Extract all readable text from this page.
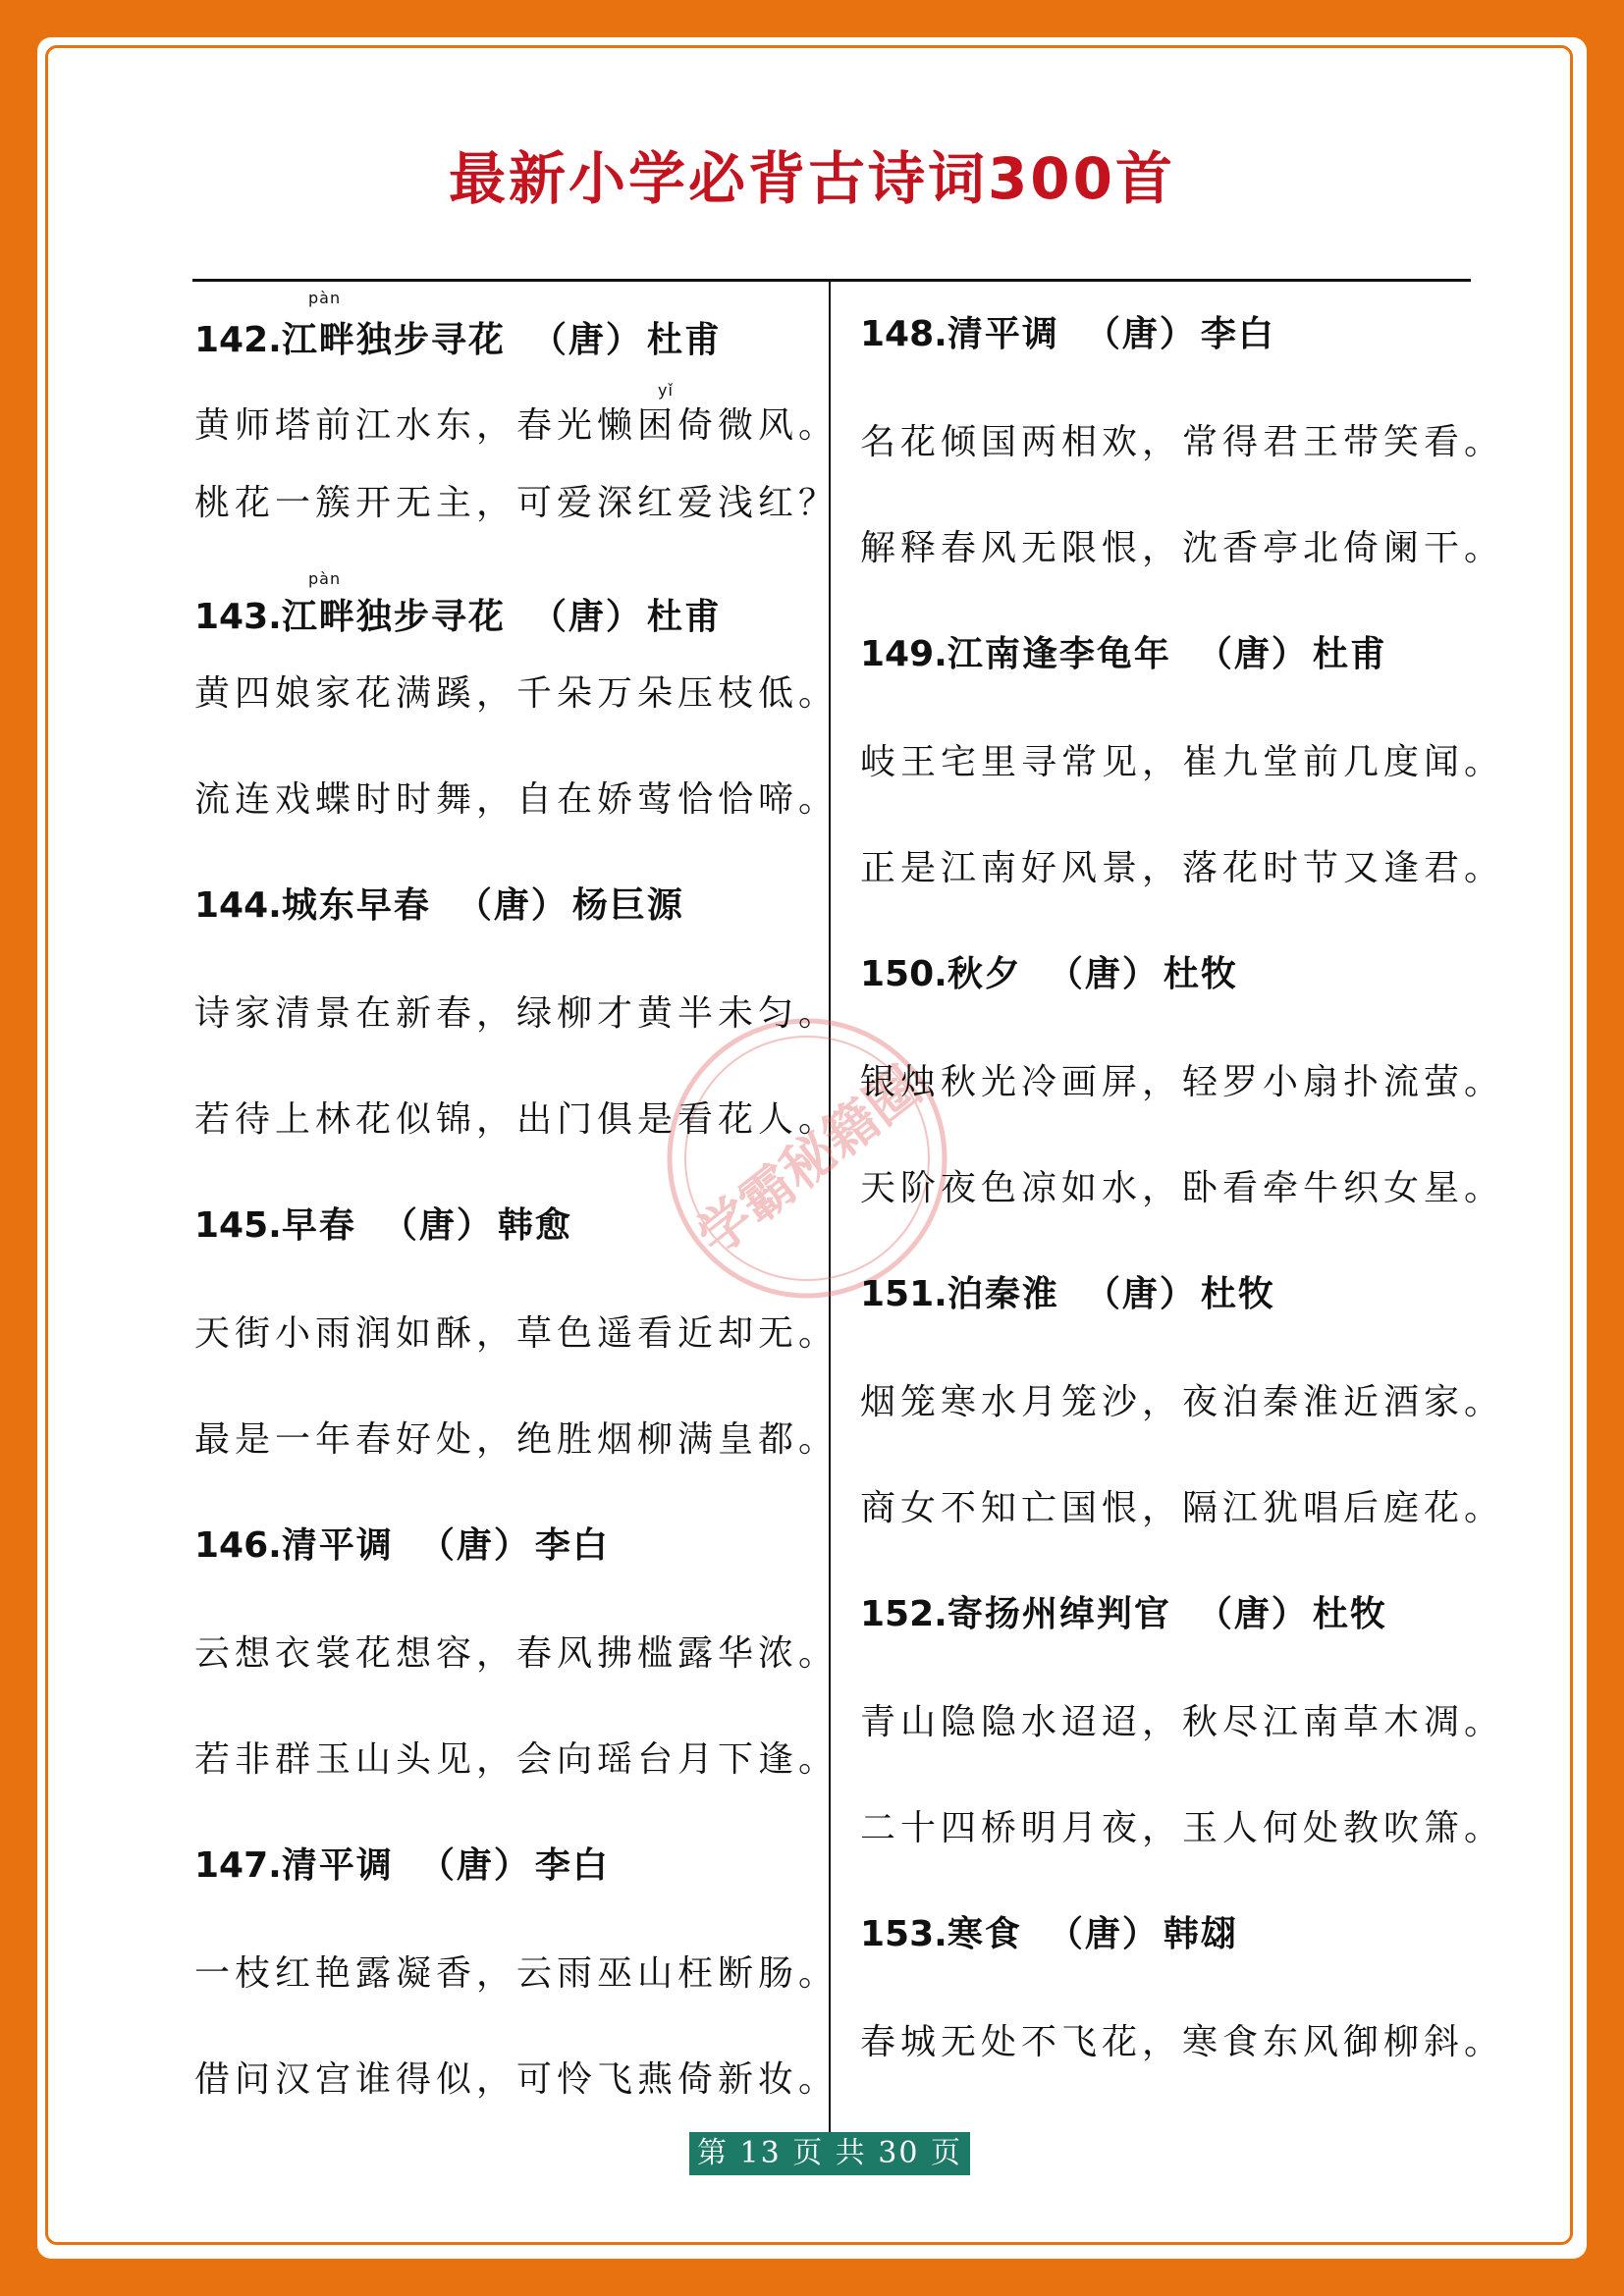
最新小学必背古诗词300首
学霸秘籍圈
pàn
142.江畔独步寻花 （唐） 杜甫
yǐ
黄师塔前江水东，春光懒困倚微风。
桃花一簇开无主，可爱深红爱浅红？
pàn
143.江畔独步寻花 （唐） 杜甫
黄四娘家花满蹊，千朵万朵压枝低。
流连戏蝶时时舞，自在娇莺恰恰啼。
144.城东早春 （唐） 杨巨源
诗家清景在新春，绿柳才黄半未匀。
若待上林花似锦，出门俱是看花人。
145.早春 （唐） 韩愈
天街小雨润如酥，草色遥看近却无。
最是一年春好处，绝胜烟柳满皇都。
146.清平调 （唐） 李白
云想衣裳花想容，春风拂槛露华浓。
若非群玉山头见，会向瑶台月下逢。
147.清平调 （唐） 李白
一枝红艳露凝香，云雨巫山枉断肠。
借问汉宫谁得似，可怜飞燕倚新妆。
148.清平调 （唐） 李白
名花倾国两相欢，常得君王带笑看。
解释春风无限恨，沈香亭北倚阑干。
149.江南逢李龟年 （唐） 杜甫
岐王宅里寻常见，崔九堂前几度闻。
正是江南好风景，落花时节又逢君。
150.秋夕 （唐） 杜牧
银烛秋光冷画屏，轻罗小扇扑流萤。
天阶夜色凉如水，卧看牵牛织女星。
151.泊秦淮 （唐） 杜牧
烟笼寒水月笼沙，夜泊秦淮近酒家。
商女不知亡国恨，隔江犹唱后庭花。
152.寄扬州绰判官 （唐） 杜牧
青山隐隐水迢迢，秋尽江南草木凋。
二十四桥明月夜，玉人何处教吹箫。
153.寒食 （唐） 韩翃
春城无处不飞花，寒食东风御柳斜。
第 13 页 共 30 页
